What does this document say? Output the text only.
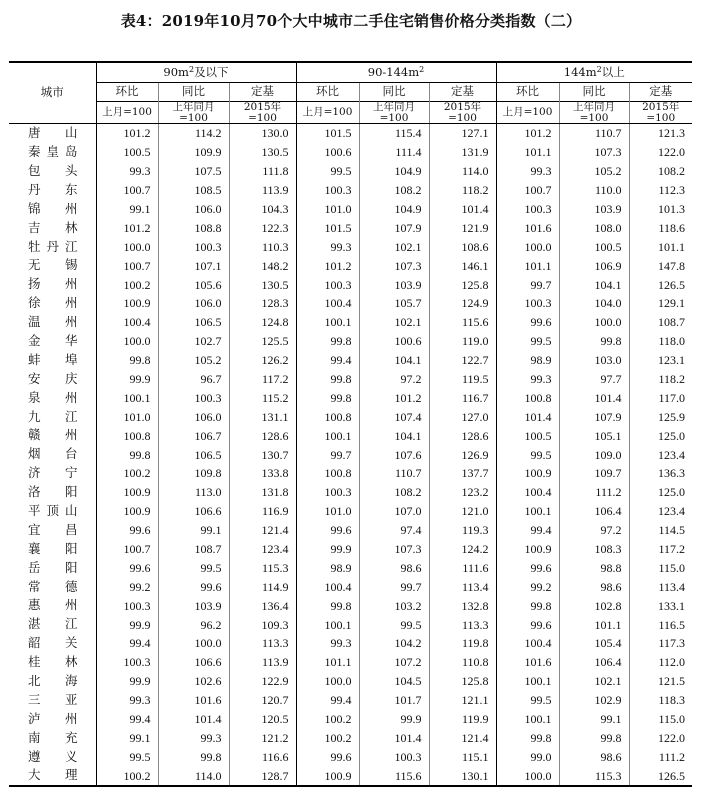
表4：2019年10月70个大中城市二手住宅销售价格分类指数（二）
城市	$90m^2$及以下			$90-144m^2$			$144m^2$以上		
	环比	同比	定基	环比	同比	定基	环比	同比	定基
	上月=100	上年同月=100	2015年=100	上月=100	上年同月=100	2015年=100	上月=100	上年同月=100	2015年=100
唐山	101.2	114.2	130.0	101.5	115.4	127.1	101.2	110.7	121.3
秦皇岛	100.5	109.9	130.5	100.6	111.4	131.9	101.1	107.3	122.0
包头	99.3	107.5	111.8	99.5	104.9	114.0	99.3	105.2	108.2
丹东	100.7	108.5	113.9	100.3	108.2	118.2	100.7	110.0	112.3
锦州	99.1	106.0	104.3	101.0	104.9	101.4	100.3	103.9	101.3
吉林	101.2	108.8	122.3	101.5	107.9	121.9	101.6	108.0	118.6
牡丹江	100.0	100.3	110.3	99.3	102.1	108.6	100.0	100.5	101.1
无锡	100.7	107.1	148.2	101.2	107.3	146.1	101.1	106.9	147.8
扬州	100.2	105.6	130.5	100.3	103.9	125.8	99.7	104.1	126.5
徐州	100.9	106.0	128.3	100.4	105.7	124.9	100.3	104.0	129.1
温州	100.4	106.5	124.8	100.1	102.1	115.6	99.6	100.0	108.7
金华	100.0	102.7	125.5	99.8	100.6	119.0	99.5	99.8	118.0
蚌埠	99.8	105.2	126.2	99.4	104.1	122.7	98.9	103.0	123.1
安庆	99.9	96.7	117.2	99.8	97.2	119.5	99.3	97.7	118.2
泉州	100.1	100.3	115.2	99.8	101.2	116.7	100.8	101.4	117.0
九江	101.0	106.0	131.1	100.8	107.4	127.0	101.4	107.9	125.9
赣州	100.8	106.7	128.6	100.1	104.1	128.6	100.5	105.1	125.0
烟台	99.8	106.5	130.7	99.7	107.6	126.9	99.5	109.0	123.4
济宁	100.2	109.8	133.8	100.8	110.7	137.7	100.9	109.7	136.3
洛阳	100.9	113.0	131.8	100.3	108.2	123.2	100.4	111.2	125.0
平顶山	100.9	106.6	116.9	101.0	107.0	121.0	100.1	106.4	123.4
宜昌	99.6	99.1	121.4	99.6	97.4	119.3	99.4	97.2	114.5
襄阳	100.7	108.7	123.4	99.9	107.3	124.2	100.9	108.3	117.2
岳阳	99.6	99.5	115.3	98.9	98.6	111.6	99.6	98.8	115.0
常德	99.2	99.6	114.9	100.4	99.7	113.4	99.2	98.6	113.4
惠州	100.3	103.9	136.4	99.8	103.2	132.8	99.8	102.8	133.1
湛江	99.9	96.2	109.3	100.1	99.5	113.3	99.6	101.1	116.5
韶关	99.4	100.0	113.3	99.3	104.2	119.8	100.4	105.4	117.3
桂林	100.3	106.6	113.9	101.1	107.2	110.8	101.6	106.4	112.0
北海	99.9	102.6	122.9	100.0	104.5	125.8	100.1	102.1	121.5
三亚	99.3	101.6	120.7	99.4	101.7	121.1	99.5	102.9	118.3
泸州	99.4	101.4	120.5	100.2	99.9	119.9	100.1	99.1	115.0
南充	99.1	99.3	121.2	100.2	101.4	121.4	99.8	99.8	122.0
遵义	99.5	99.8	116.6	99.6	100.3	115.1	99.0	98.6	111.2
大理	100.2	114.0	128.7	100.9	115.6	130.1	100.0	115.3	126.5
